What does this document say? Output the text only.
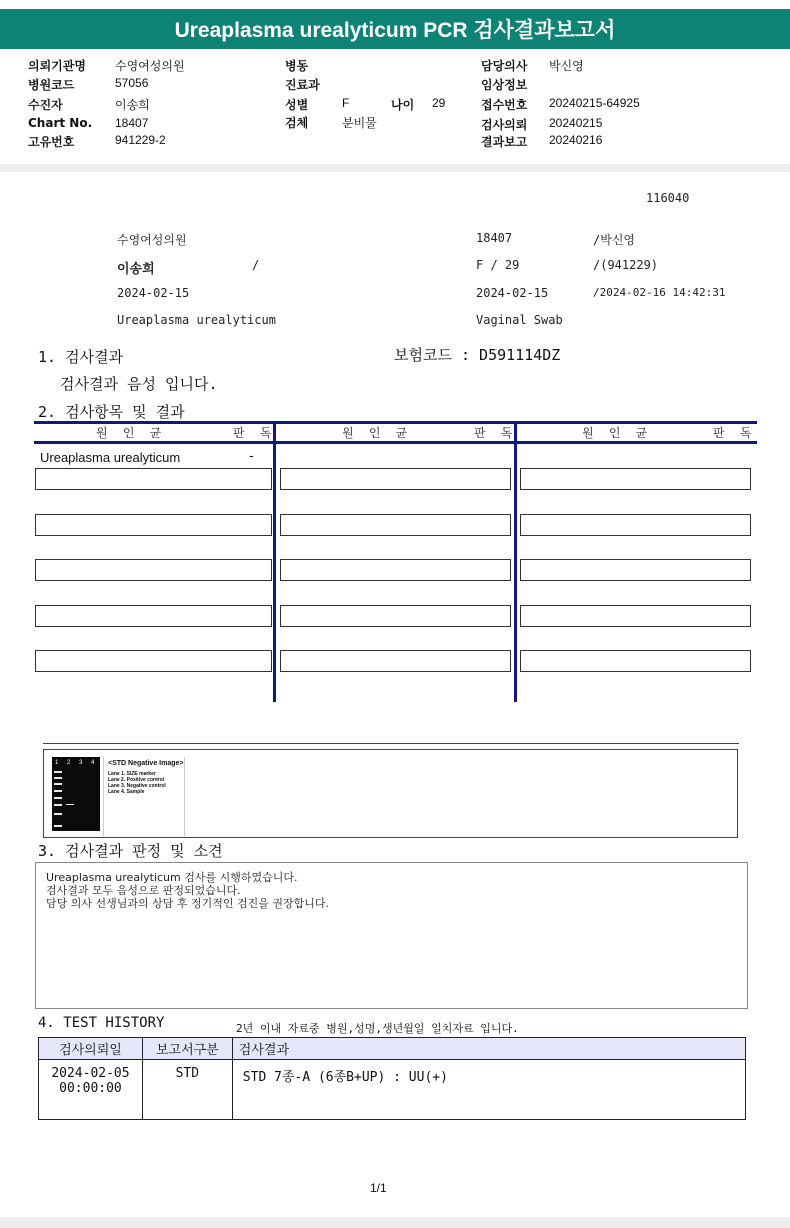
Ureaplasma urealyticum PCR 검사결과보고서
의뢰기관명 수영여성의원
병원코드	57056
수진자	이송희
Chart No. 18407
고유번호	941229-2
병동
진료과
성별	F	나이 29
검체	분비물
담당의사 박신영
임상정보
접수번호 20240215-64925
검사의뢰 20240215
결과보고 20240216
116040
수영여성의원	18407	/박신영
이송희	/	F / 29	/(941229)
2024-02-15	2024-02-15	/2024-02-16 14:42:31
Ureaplasma urealyticum	Vaginal Swab
1. 검사결과	보험코드 : D591114DZ
검사결과 음성 입니다.
2. 검사항목 및 결과
원 인 균	판 독	원 인 균	판 독	원 인 균	판 독
Ureaplasma urealyticum	-
1 2 3 4 <STD Negative Image>
Lane 1. SIZE marker
Lane 2. Positive control
Lane 3. Negative control
Lane 4. Sample
3. 검사결과 판정 및 소견
Ureaplasma urealyticum 검사를 시행하였습니다.
검사결과 모두 음성으로 판정되었습니다.
담당 의사 선생님과의 상담 후 정기적인 검진을 권장합니다.
4. TEST HISTORY	2년 이내 자료중 병원,성명,생년월일 일치자료 입니다.
검사의뢰일	보고서구분	검사결과

2024-02-05
00:00:00	STD	STD 7종-A (6종B+UP) : UU(+)
1/1
